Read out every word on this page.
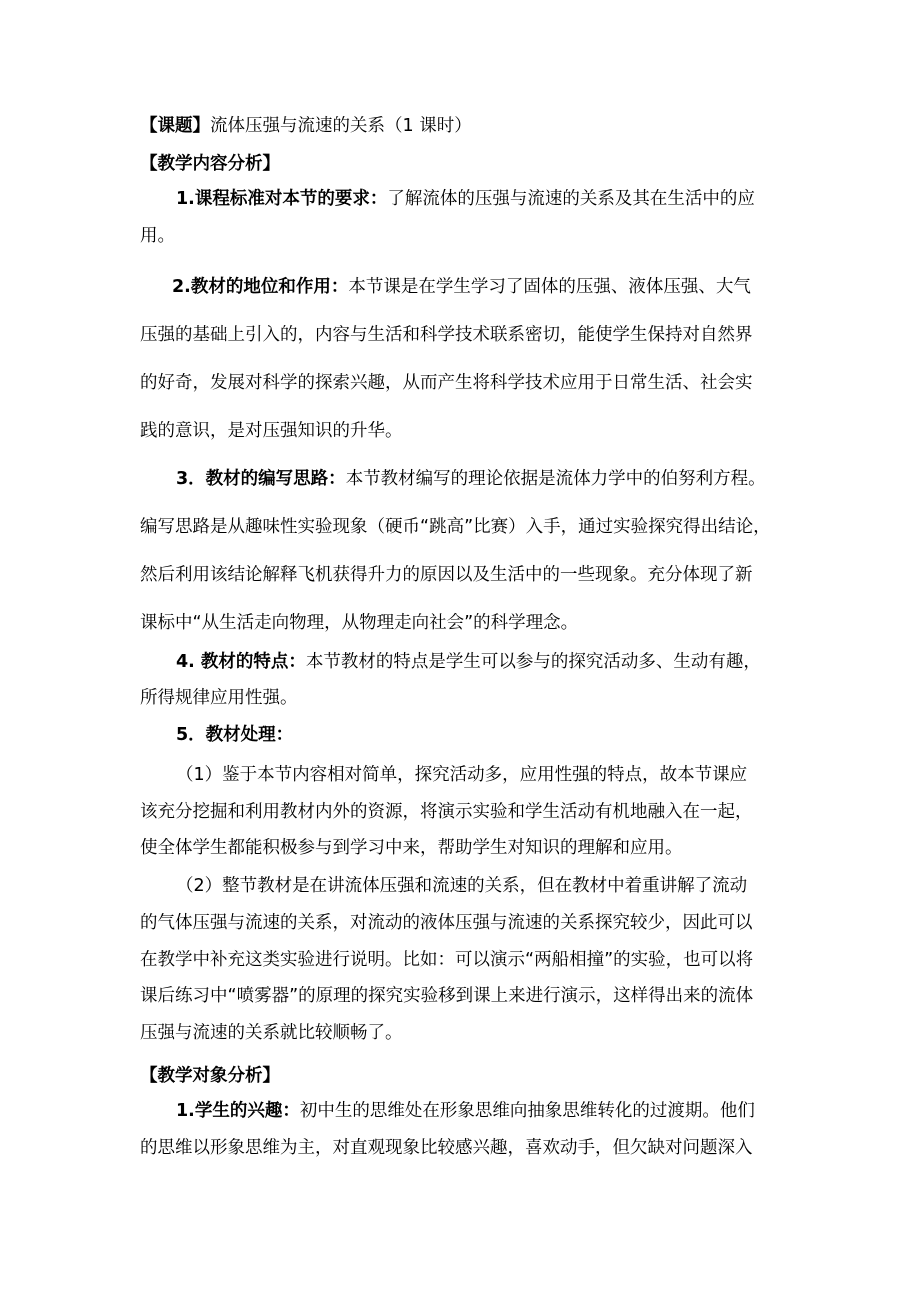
【课题】流体压强与流速的关系（1 课时）
【教学内容分析】
1.课程标准对本节的要求：了解流体的压强与流速的关系及其在生活中的应
用。
2.教材的地位和作用：本节课是在学生学习了固体的压强、液体压强、大气
压强的基础上引入的，内容与生活和科学技术联系密切，能使学生保持对自然界
的好奇，发展对科学的探索兴趣，从而产生将科学技术应用于日常生活、社会实
践的意识，是对压强知识的升华。
3．教材的编写思路：本节教材编写的理论依据是流体力学中的伯努利方程。
编写思路是从趣味性实验现象（硬币“跳高”比赛）入手，通过实验探究得出结论，
然后利用该结论解释飞机获得升力的原因以及生活中的一些现象。充分体现了新
课标中“从生活走向物理，从物理走向社会”的科学理念。
4. 教材的特点：本节教材的特点是学生可以参与的探究活动多、生动有趣，
所得规律应用性强。
5．教材处理：
（1）鉴于本节内容相对简单，探究活动多，应用性强的特点，故本节课应
该充分挖掘和利用教材内外的资源，将演示实验和学生活动有机地融入在一起，
使全体学生都能积极参与到学习中来，帮助学生对知识的理解和应用。
（2）整节教材是在讲流体压强和流速的关系，但在教材中着重讲解了流动
的气体压强与流速的关系，对流动的液体压强与流速的关系探究较少，因此可以
在教学中补充这类实验进行说明。比如：可以演示“两船相撞”的实验，也可以将
课后练习中“喷雾器”的原理的探究实验移到课上来进行演示，这样得出来的流体
压强与流速的关系就比较顺畅了。
【教学对象分析】
1.学生的兴趣：初中生的思维处在形象思维向抽象思维转化的过渡期。他们
的思维以形象思维为主，对直观现象比较感兴趣，喜欢动手，但欠缺对问题深入
